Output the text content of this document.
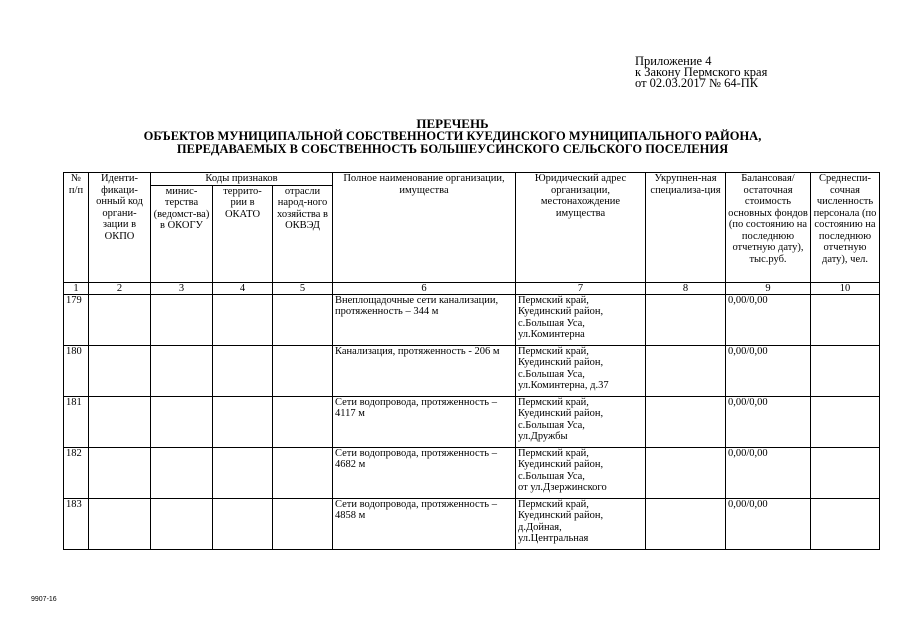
Приложение 4
к Закону Пермского края
от 02.03.2017 № 64-ПК
ПЕРЕЧЕНЬ
ОБЪЕКТОВ МУНИЦИПАЛЬНОЙ СОБСТВЕННОСТИ КУЕДИНСКОГО МУНИЦИПАЛЬНОГО РАЙОНА,
ПЕРЕДАВАЕМЫХ В СОБСТВЕННОСТЬ БОЛЬШЕУСИНСКОГО СЕЛЬСКОГО ПОСЕЛЕНИЯ
№ п/п	Иденти-фикаци-онный код органи-зации в ОКПО	Коды признаков			Полное наименование организации, имущества	Юридический адрес организации, местонахождение имущества	Укрупнен-ная специализа-ция	Балансовая/ остаточная стоимость основных фондов (по состоянию на последнюю отчетную дату), тыс.руб.	Среднеспи-сочная численность персонала (по состоянию на последнюю отчетную дату), чел.
		минис-терства (ведомст-ва) в ОКОГУ	террито-рии в ОКАТО	отрасли народ-ного хозяйства в ОКВЭД					
1	2	3	4	5	6	7	8	9	10
179					Внеплощадочные сети канализации, протяженность – 344 м	Пермский край,
Куединский район,
с.Большая Уса,
ул.Коминтерна		0,00/0,00	
180					Канализация, протяженность - 206 м	Пермский край,
Куединский район,
с.Большая Уса,
ул.Коминтерна, д.37		0,00/0,00	
181					Сети водопровода, протяженность – 4117 м	Пермский край,
Куединский район,
с.Большая Уса,
ул.Дружбы		0,00/0,00	
182					Сети водопровода, протяженность – 4682 м	Пермский край,
Куединский район,
с.Большая Уса,
от ул.Дзержинского		0,00/0,00	
183					Сети водопровода, протяженность – 4858 м	Пермский край,
Куединский район,
д.Дойная,
ул.Центральная		0,00/0,00	
9907-16
